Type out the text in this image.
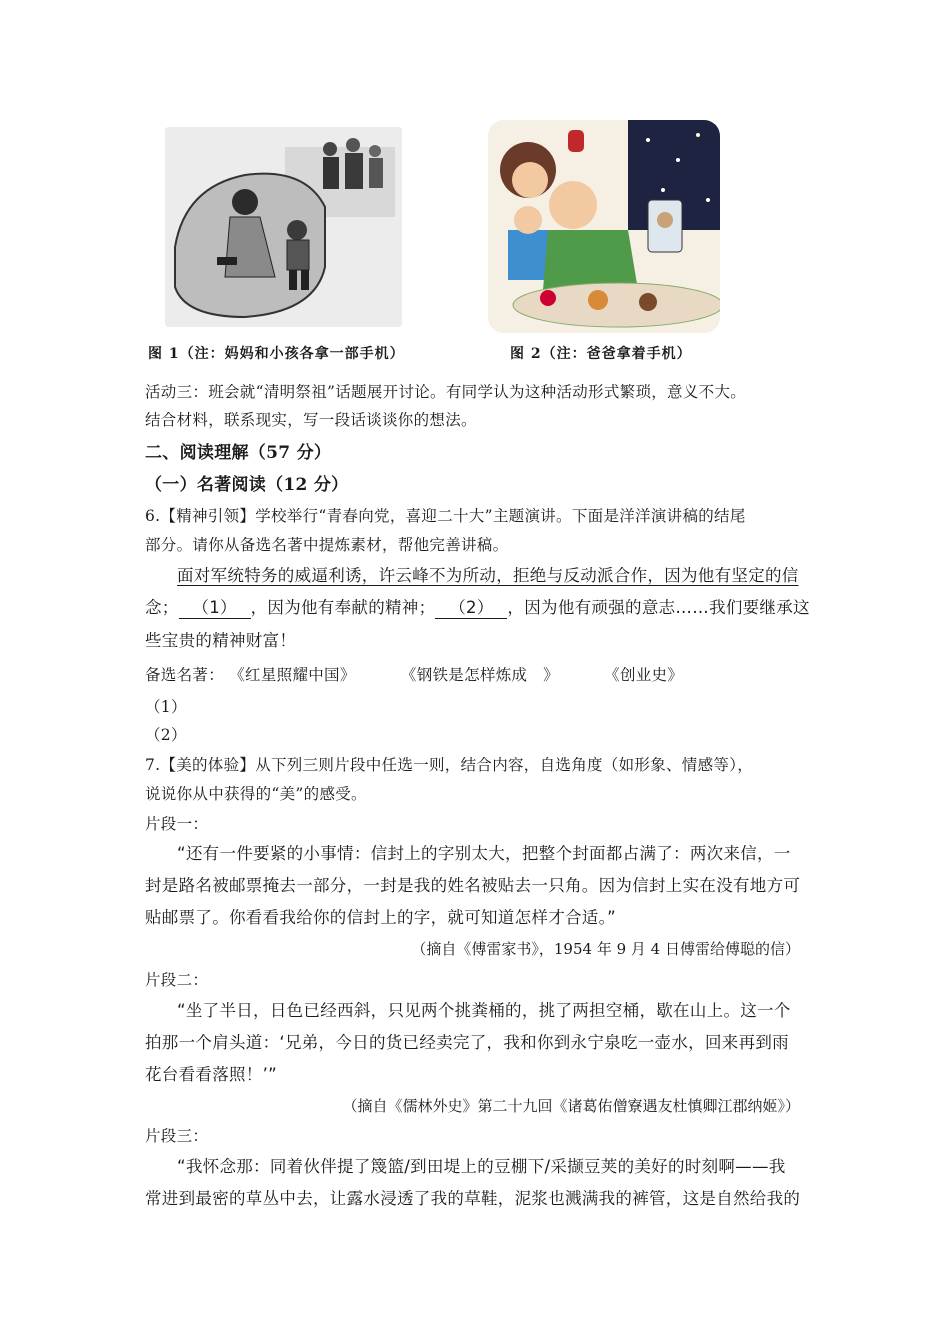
图 1（注：妈妈和小孩各拿一部手机）	图 2（注：爸爸拿着手机）
活动三：班会就“清明祭祖”话题展开讨论。有同学认为这种活动形式繁琐，意义不大。
结合材料，联系现实，写一段话谈谈你的想法。
二、阅读理解（57 分）
（一）名著阅读（12 分）
6.【精神引领】学校举行“青春向党，喜迎二十大”主题演讲。下面是洋洋演讲稿的结尾
部分。请你从备选名著中提炼素材，帮他完善讲稿。
面对军统特务的威逼利诱，许云峰不为所动，拒绝与反动派合作，因为他有坚定的信
念； （1） ，因为他有奉献的精神； （2） ，因为他有顽强的意志……我们要继承这
些宝贵的精神财富！
备选名著： 《红星照耀中国》	《钢铁是怎样炼成　》	《创业史》
（1）
（2）
7.【美的体验】从下列三则片段中任选一则，结合内容，自选角度（如形象、情感等），
说说你从中获得的“美”的感受。
片段一：
“还有一件要紧的小事情：信封上的字别太大，把整个封面都占满了：两次来信，一
封是路名被邮票掩去一部分，一封是我的姓名被贴去一只角。因为信封上实在没有地方可
贴邮票了。你看看我给你的信封上的字，就可知道怎样才合适。”
（摘自《傅雷家书》，1954 年 9 月 4 日傅雷给傅聪的信）
片段二：
“坐了半日，日色已经西斜，只见两个挑粪桶的，挑了两担空桶，歇在山上。这一个
拍那一个肩头道：‘兄弟，今日的货已经卖完了，我和你到永宁泉吃一壶水，回来再到雨
花台看看落照！’”
（摘自《儒林外史》第二十九回《诸葛佑僧寮遇友杜慎卿江郡纳姬》）
片段三：
“我怀念那：同着伙伴提了篾篮/到田堤上的豆棚下/采撷豆荚的美好的时刻啊——我
常进到最密的草丛中去，让露水浸透了我的草鞋，泥浆也溅满我的裤管，这是自然给我的
